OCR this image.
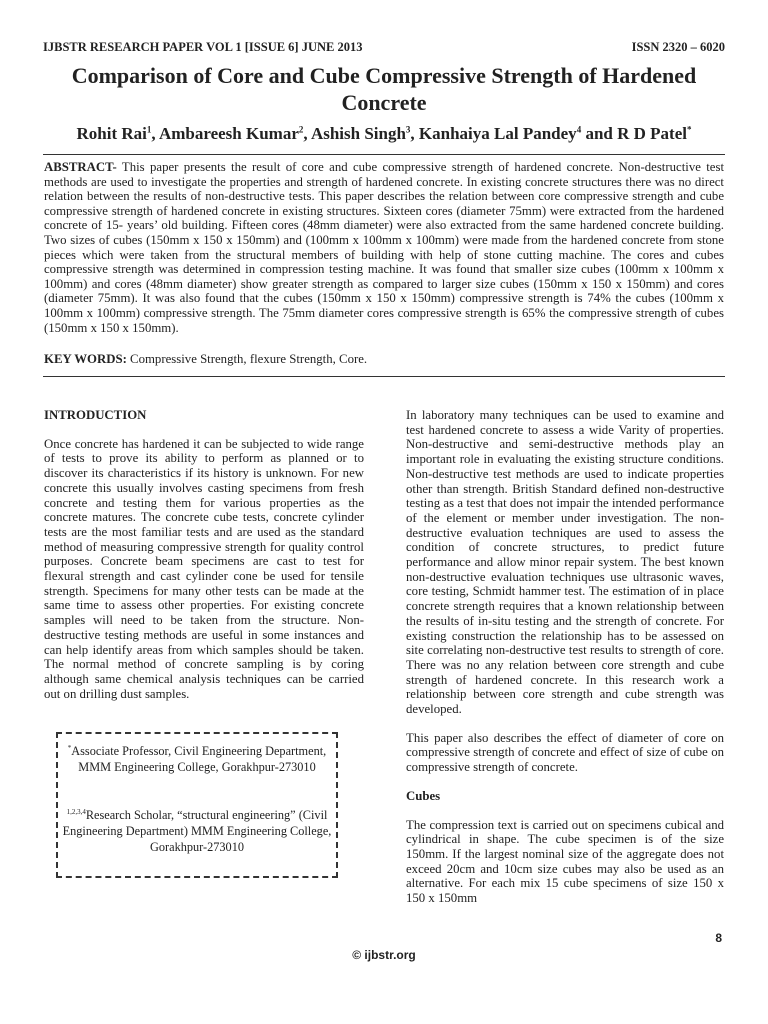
IJBSTR RESEARCH PAPER VOL 1 [ISSUE 6] JUNE 2013	ISSN 2320 – 6020
Comparison of Core and Cube Compressive Strength of Hardened Concrete
Rohit Rai$^1$, Ambareesh Kumar$^2$, Ashish Singh$^3$, Kanhaiya Lal Pandey$^4$ and R D Patel*
ABSTRACT- This paper presents the result of core and cube compressive strength of hardened concrete. Non-destructive test methods are used to investigate the properties and strength of hardened concrete. In existing concrete structures there was no direct relation between the results of non-destructive tests. This paper describes the relation between core compressive strength and cube compressive strength of hardened concrete in existing structures. Sixteen cores (diameter 75mm) were extracted from the hardened concrete of 15- years’ old building. Fifteen cores (48mm diameter) were also extracted from the same hardened concrete building. Two sizes of cubes (150mm x 150 x 150mm) and (100mm x 100mm x 100mm) were made from the hardened concrete from stone pieces which were taken from the structural members of building with help of stone cutting machine. The cores and cubes compressive strength was determined in compression testing machine. It was found that smaller size cubes (100mm x 100mm x 100mm) and cores (48mm diameter) show greater strength as compared to larger size cubes (150mm x 150 x 150mm) and cores (diameter 75mm). It was also found that the cubes (150mm x 150 x 150mm) compressive strength is 74% the cubes (100mm x 100mm x 100mm) compressive strength. The 75mm diameter cores compressive strength is 65% the compressive strength of cubes (150mm x 150 x 150mm).
KEY WORDS: Compressive Strength, flexure Strength, Core.
INTRODUCTION
Once concrete has hardened it can be subjected to wide range of tests to prove its ability to perform as planned or to discover its characteristics if its history is unknown. For new concrete this usually involves casting specimens from fresh concrete and testing them for various properties as the concrete matures. The concrete cube tests, concrete cylinder tests are the most familiar tests and are used as the standard method of measuring compressive strength for quality control purposes. Concrete beam specimens are cast to test for flexural strength and cast cylinder cone be used for tensile strength. Specimens for many other tests can be made at the same time to assess other properties. For existing concrete samples will need to be taken from the structure. Non-destructive testing methods are useful in some instances and can help identify areas from which samples should be taken. The normal method of concrete sampling is by coring although same chemical analysis techniques can be carried out on drilling dust samples.
*Associate Professor, Civil Engineering Department, MMM Engineering College, Gorakhpur-273010
$^{1,2,3,4}$Research Scholar, “structural engineering” (Civil Engineering Department) MMM Engineering College, Gorakhpur-273010
In laboratory many techniques can be used to examine and test hardened concrete to assess a wide Varity of properties. Non-destructive and semi-destructive methods play an important role in evaluating the existing structure conditions. Non-destructive test methods are used to indicate properties other than strength. British Standard defined non-destructive testing as a test that does not impair the intended performance of the element or member under investigation. The non-destructive evaluation techniques are used to assess the condition of concrete structures, to predict future performance and allow minor repair system. The best known non-destructive evaluation techniques use ultrasonic waves, core testing, Schmidt hammer test. The estimation of in place concrete strength requires that a known relationship between the results of in-situ testing and the strength of concrete. For existing construction the relationship has to be assessed on site correlating non-destructive test results to strength of core. There was no any relation between core strength and cube strength of hardened concrete. In this research work a relationship between core strength and cube strength was developed.
This paper also describes the effect of diameter of core on compressive strength of concrete and effect of size of cube on compressive strength of concrete.
Cubes
The compression text is carried out on specimens cubical and cylindrical in shape. The cube specimen is of the size 150mm. If the largest nominal size of the aggregate does not exceed 20cm and 10cm size cubes may also be used as an alternative. For each mix 15 cube specimens of size 150 x 150 x 150mm
8
© ijbstr.org
